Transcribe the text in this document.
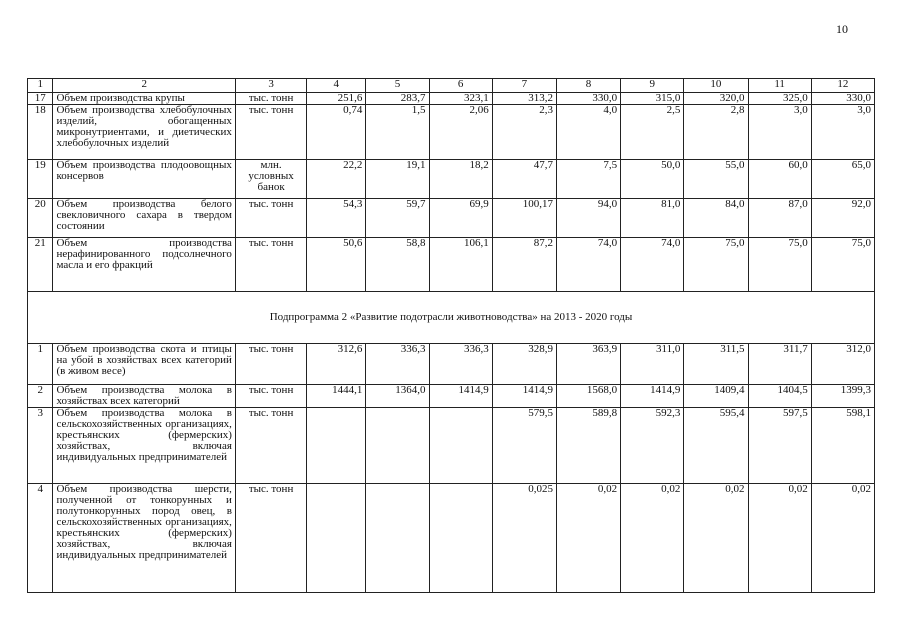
10
1	2	3	4	5	6	7	8	9	10	11	12
17	Объем производства крупы	тыс. тонн	251,6	283,7	323,1	313,2	330,0	315,0	320,0	325,0	330,0
18	Объем производства хлебобулочных изделий, обогащенных микронутриентами, и диетических хлебобулочных изделий	тыс. тонн	0,74	1,5	2,06	2,3	4,0	2,5	2,8	3,0	3,0
19	Объем производства плодоовощных консервов	млн. условных банок	22,2	19,1	18,2	47,7	7,5	50,0	55,0	60,0	65,0
20	Объем производства белого свекловичного сахара в твердом состоянии	тыс. тонн	54,3	59,7	69,9	100,17	94,0	81,0	84,0	87,0	92,0
21	Объем производства нерафинированного подсолнечного масла и его фракций	тыс. тонн	50,6	58,8	106,1	87,2	74,0	74,0	75,0	75,0	75,0
Подпрограмма 2 «Развитие подотрасли животноводства» на 2013 - 2020 годы											
1	Объем производства скота и птицы на убой в хозяйствах всех категорий (в живом весе)	тыс. тонн	312,6	336,3	336,3	328,9	363,9	311,0	311,5	311,7	312,0
2	Объем производства молока в хозяйствах всех категорий	тыс. тонн	1444,1	1364,0	1414,9	1414,9	1568,0	1414,9	1409,4	1404,5	1399,3
3	Объем производства молока в сельскохозяйственных организациях, крестьянских (фермерских) хозяйствах, включая индивидуальных предпринимателей	тыс. тонн				579,5	589,8	592,3	595,4	597,5	598,1
4	Объем производства шерсти, полученной от тонкорунных и полутонкорунных пород овец, в сельскохозяйственных организациях, крестьянских (фермерских) хозяйствах, включая индивидуальных предпринимателей	тыс. тонн				0,025	0,02	0,02	0,02	0,02	0,02
